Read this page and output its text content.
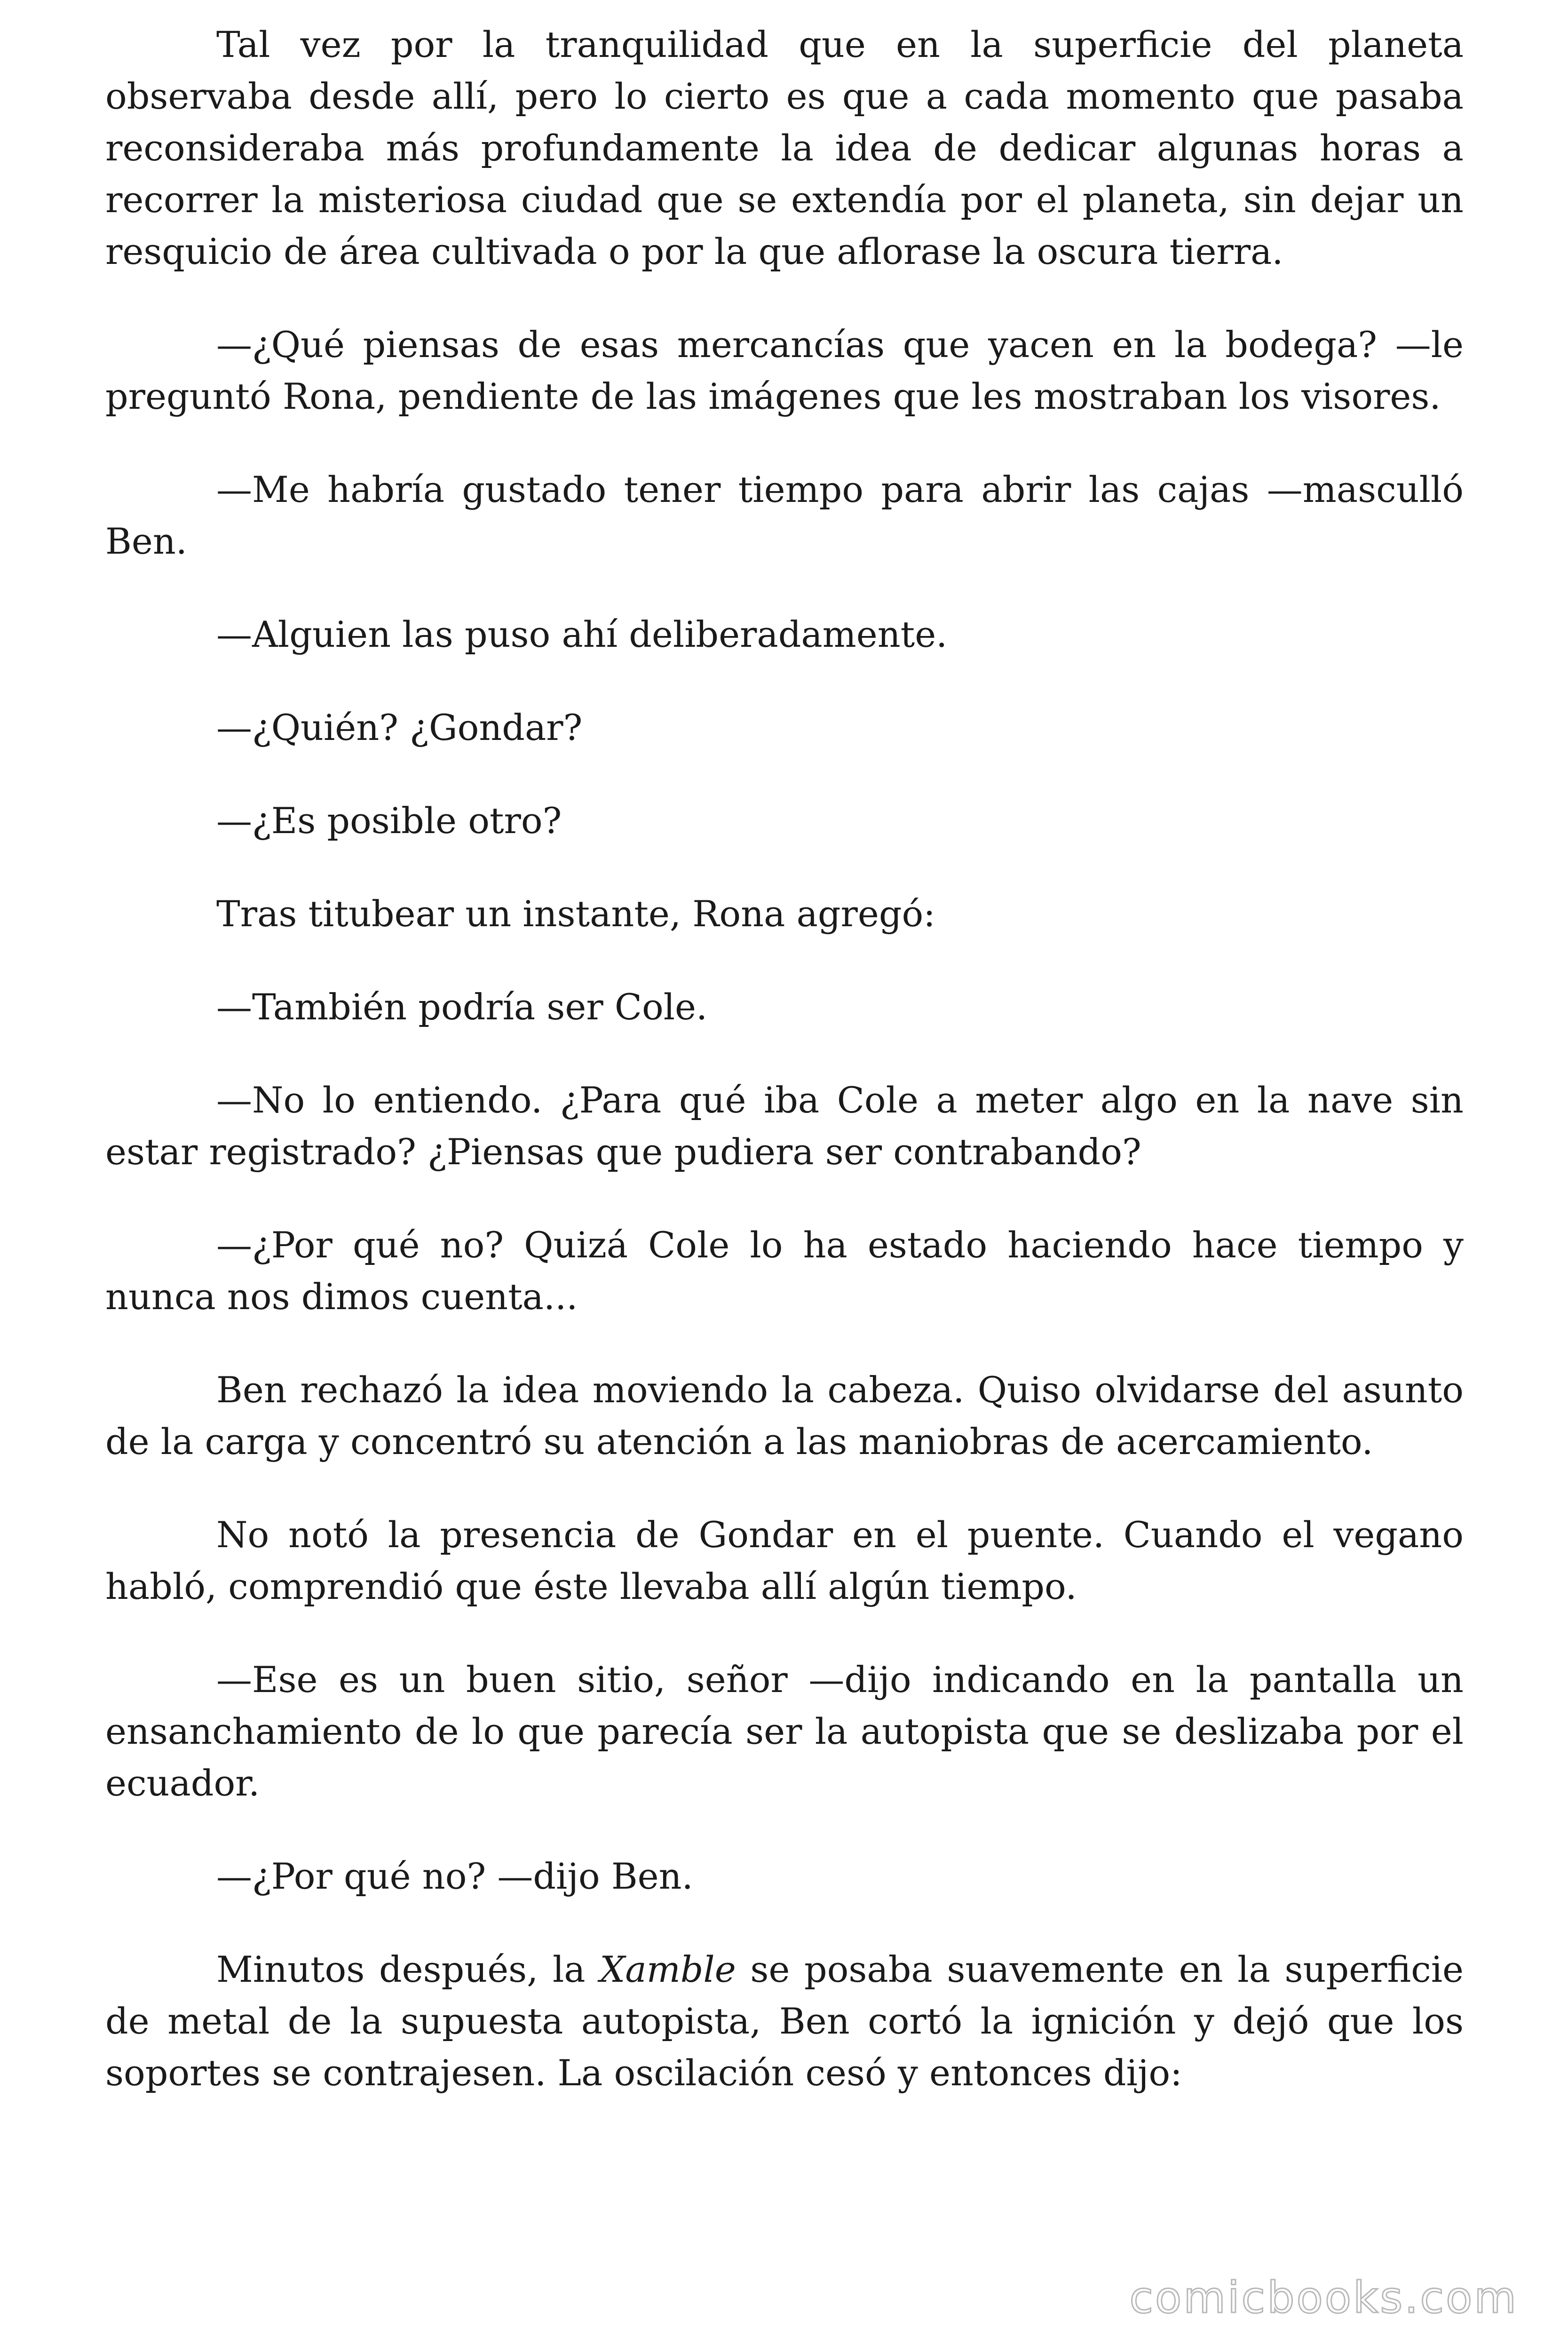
Tal vez por la tranquilidad que en la superficie del planeta observaba desde allí, pero lo cierto es que a cada momento que pasaba reconsideraba más profundamente la idea de dedicar algunas horas a recorrer la misteriosa ciudad que se extendía por el planeta, sin dejar un resquicio de área cultivada o por la que aflorase la oscura tierra.

—¿Qué piensas de esas mercancías que yacen en la bodega? —le preguntó Rona, pendiente de las imágenes que les mostraban los visores.

—Me habría gustado tener tiempo para abrir las cajas —masculló Ben.

—Alguien las puso ahí deliberadamente.

—¿Quién? ¿Gondar?

—¿Es posible otro?

Tras titubear un instante, Rona agregó:

—También podría ser Cole.

—No lo entiendo. ¿Para qué iba Cole a meter algo en la nave sin estar registrado? ¿Piensas que pudiera ser contrabando?

—¿Por qué no? Quizá Cole lo ha estado haciendo hace tiempo y nunca nos dimos cuenta...

Ben rechazó la idea moviendo la cabeza. Quiso olvidarse del asunto de la carga y concentró su atención a las maniobras de acercamiento.

No notó la presencia de Gondar en el puente. Cuando el vegano habló, comprendió que éste llevaba allí algún tiempo.

—Ese es un buen sitio, señor —dijo indicando en la pantalla un ensanchamiento de lo que parecía ser la autopista que se deslizaba por el ecuador.

—¿Por qué no? —dijo Ben.

Minutos después, la Xamble se posaba suavemente en la superficie de metal de la supuesta autopista, Ben cortó la ignición y dejó que los soportes se contrajesen. La oscilación cesó y entonces dijo:

comicbooks.com
